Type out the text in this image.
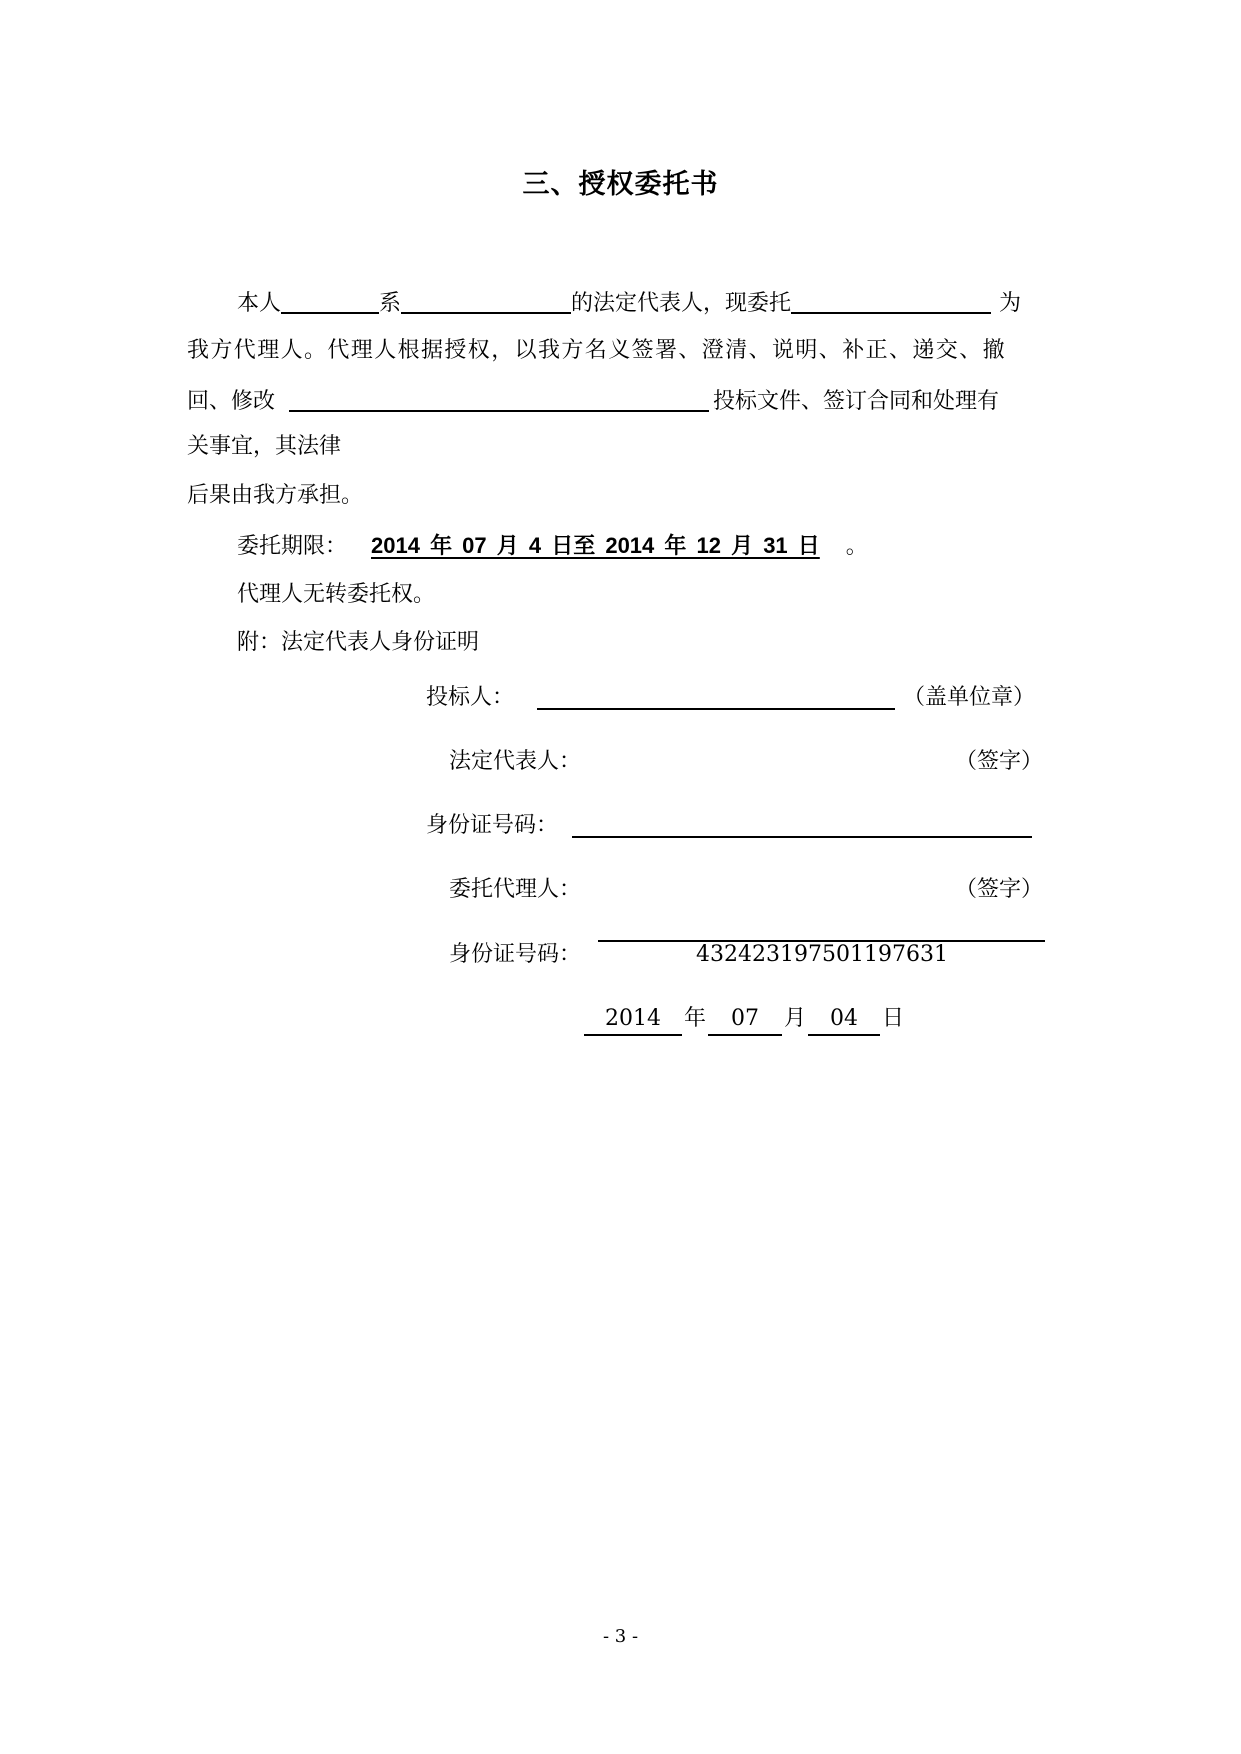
三、授权委托书
本人	系	的法定代表人，现委托	为
我方代理人。代理人根据授权，以我方名义签署、澄清、说明、补正、递交、撤
回、修改	投标文件、签订合同和处理有
关事宜，其法律
后果由我方承担。
委托期限： 2014 年 07 月 4 日至 2014 年 12 月 31 日 。
代理人无转委托权。
附：法定代表人身份证明
投标人：	（盖单位章）
法定代表人：	（签字）
身份证号码：
委托代理人：	（签字）
身份证号码：	432423197501197631
2014	年	07	月	04	日
- 3 -
